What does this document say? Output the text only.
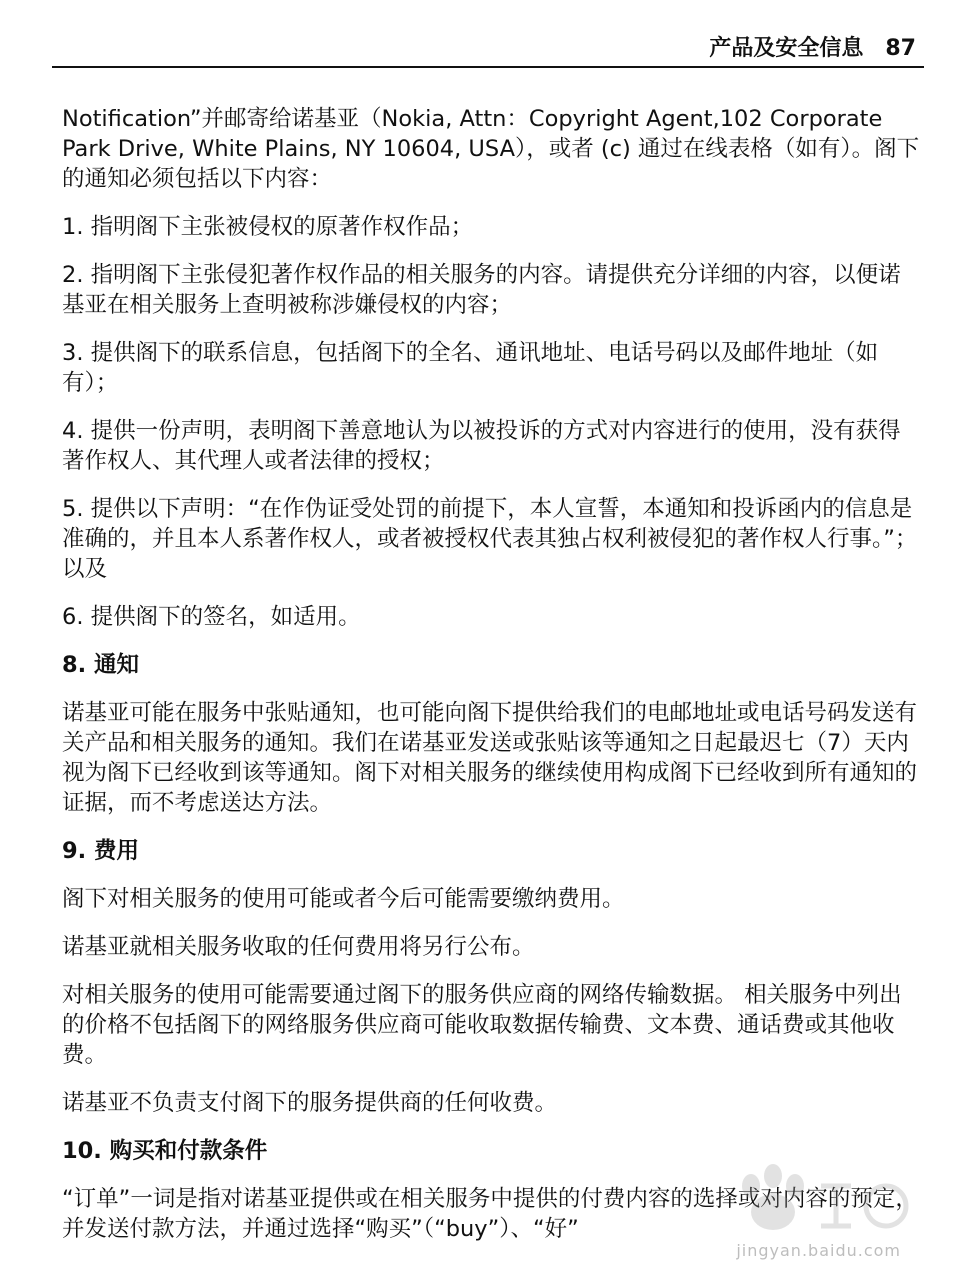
产品及安全信息 87

Notification”并邮寄给诺基亚（Nokia, Attn：Copyright Agent,102 Corporate Park Drive, White Plains, NY 10604, USA），或者 (c) 通过在线表格（如有）。阁下的通知必须包括以下内容：

1. 指明阁下主张被侵权的原著作权作品；

2. 指明阁下主张侵犯著作权作品的相关服务的内容。请提供充分详细的内容，以便诺基亚在相关服务上查明被称涉嫌侵权的内容；

3. 提供阁下的联系信息，包括阁下的全名、通讯地址、电话号码以及邮件地址（如有）；

4. 提供一份声明，表明阁下善意地认为以被投诉的方式对内容进行的使用，没有获得著作权人、其代理人或者法律的授权；

5. 提供以下声明：“在作伪证受处罚的前提下，本人宣誓，本通知和投诉函内的信息是准确的，并且本人系著作权人，或者被授权代表其独占权利被侵犯的著作权人行事。”；以及

6. 提供阁下的签名，如适用。

8. 通知

诺基亚可能在服务中张贴通知，也可能向阁下提供给我们的电邮地址或电话号码发送有关产品和相关服务的通知。我们在诺基亚发送或张贴该等通知之日起最迟七（7）天内视为阁下已经收到该等通知。阁下对相关服务的继续使用构成阁下已经收到所有通知的证据，而不考虑送达方法。

9. 费用

阁下对相关服务的使用可能或者今后可能需要缴纳费用。

诺基亚就相关服务收取的任何费用将另行公布。

对相关服务的使用可能需要通过阁下的服务供应商的网络传输数据。 相关服务中列出的价格不包括阁下的网络服务供应商可能收取数据传输费、文本费、通话费或其他收费。

诺基亚不负责支付阁下的服务提供商的任何收费。

10. 购买和付款条件

“订单”一词是指对诺基亚提供或在相关服务中提供的付费内容的选择或对内容的预定，并发送付款方法，并通过选择“购买”（“buy”）、“好”

jingyan.baidu.com
